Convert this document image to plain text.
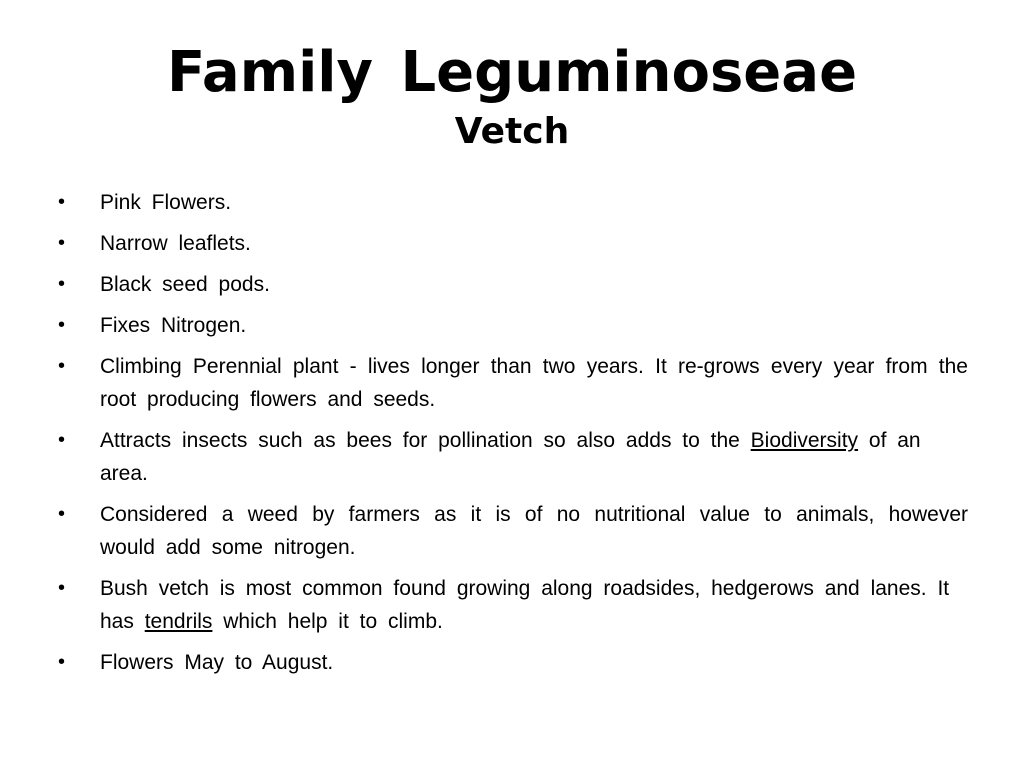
Family Leguminoseae
Vetch
•	Pink Flowers.
•	Narrow leaflets.
•	Black seed pods.
•	Fixes Nitrogen.
•	Climbing Perennial plant - lives longer than two years. It re-grows every year from the root producing flowers and seeds.
•	Attracts insects such as bees for pollination so also adds to the Biodiversity of an area.
•	Considered a weed by farmers as it is of no nutritional value to animals, however would add some nitrogen.
•	Bush vetch is most common found growing along roadsides, hedgerows and lanes. It has tendrils which help it to climb.
•	Flowers May to August.
